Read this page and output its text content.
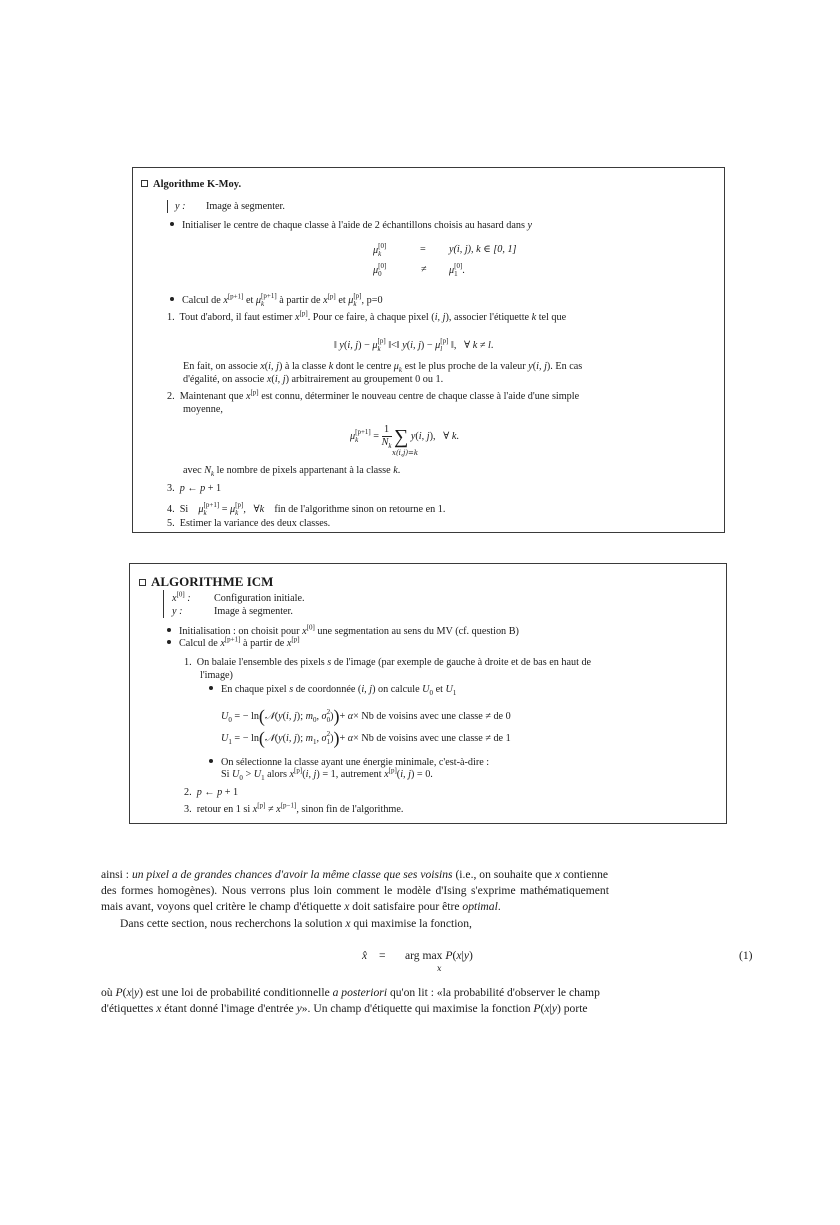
Algorithme K-Moy.
y : Image à segmenter.
Initialiser le centre de chaque classe à l'aide de 2 échantillons choisis au hasard dans y
μ [0]
k	= y(i, j), k ∈ [0, 1]
μ [0]
0	≠ μ [0]
1 .
Calcul de x[p+1] et μ [p+1]
k	à partir de x[p] et μ [p]
k , p=0
1.  Tout d'abord, il faut estimer x[p]. Pour ce faire, à chaque pixel (i, j), associer l'étiquette k tel que
‖ y(i, j) − μ [p]
k ‖<‖ y(i, j) − μ [p]
l ‖,   ∀ k ≠ l.
En fait, on associe x(i, j) à la classe k dont le centre $\mu_k$ est le plus proche de la valeur y(i, j). En cas
d'égalité, on associe x(i, j) arbitrairement au groupement 0 ou 1.
2.  Maintenant que x[p] est connu, déterminer le nouveau centre de chaque classe à l'aide d'une simple
moyenne,
μ [p+1]
k	= $\frac{1}{N_k}$ ∑ y(i, j),   ∀ k.
x(i,j)=k
avec $N_k$ le nombre de pixels appartenant à la classe k.
3. p ← p + 1
4.  Si    μ [p+1]
k	= μ [p]
k ,   ∀k    fin de l'algorithme sinon on retourne en 1.
5.  Estimer la variance des deux classes.
ALGORITHME ICM
x[0] : Configuration initiale.
y :	Image à segmenter.
Initialisation : on choisit pour x[0] une segmentation au sens du MV (cf. question B)
Calcul de x[p+1] à partir de x[p]
1.  On balaie l'ensemble des pixels s de l'image (par exemple de gauche à droite et de bas en haut de
l'image)
En chaque pixel s de coordonnée (i, j) on calcule $U_0$ et $U_1$
$U_0$ = − ln(𝒩(y(i, j); $m_0$, σ 2
0 ))+ α× Nb de voisins avec une classe ≠ de 0
$U_1$ = − ln(𝒩(y(i, j); $m_1$, σ 2
1 ))+ α× Nb de voisins avec une classe ≠ de 1
On sélectionne la classe ayant une énergie minimale, c'est-à-dire :
Si $U_0 > U_1$ alors x[p](i, j) = 1, autrement x[p](i, j) = 0.
2. p ← p + 1
3.  retour en 1 si x[p] ≠ x[p−1], sinon fin de l'algorithme.
ainsi : un pixel a de grandes chances d'avoir la même classe que ses voisins (i.e., on souhaite que x contienne
des formes homogènes). Nous verrons plus loin comment le modèle d'Ising s'exprime mathématiquement
mais avant, voyons quel critère le champ d'étiquette x doit satisfaire pour être optimal.
Dans cette section, nous recherchons la solution x qui maximise la fonction,
x̂ = arg max P(x|y)
x
(1)
où P(x|y) est une loi de probabilité conditionnelle a posteriori qu'on lit : «la probabilité d'observer le champ
d'étiquettes x étant donné l'image d'entrée y». Un champ d'étiquette qui maximise la fonction P(x|y) porte
